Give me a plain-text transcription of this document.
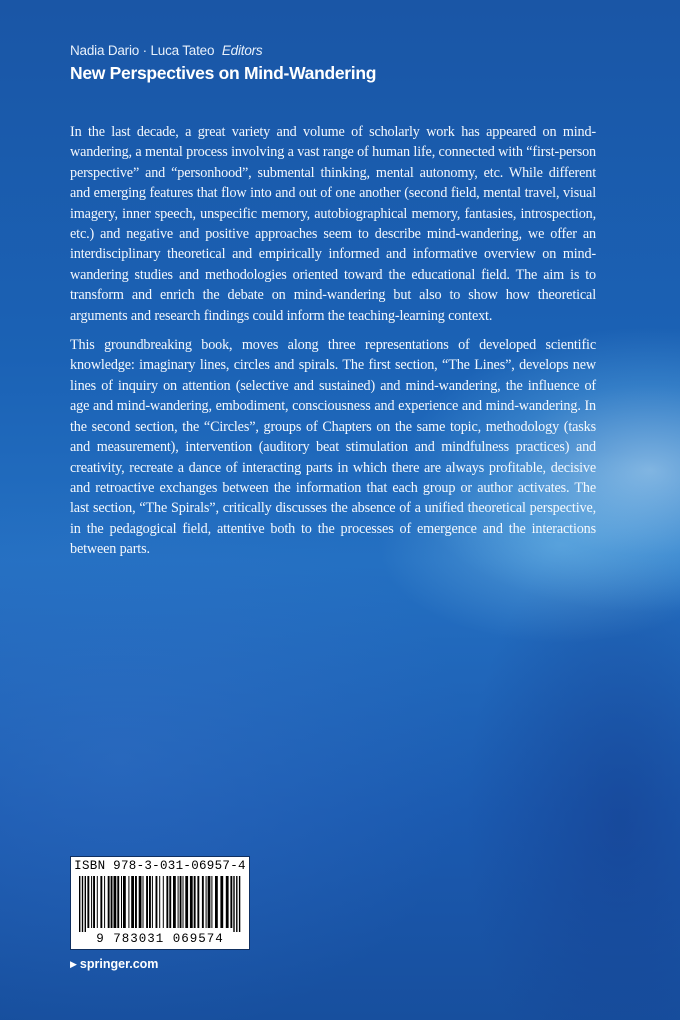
Nadia Dario · Luca Tateo Editors
New Perspectives on Mind-Wandering

In the last decade, a great variety and volume of scholarly work has appeared on mind-wandering, a mental process involving a vast range of human life, connected with “first-person perspective” and “personhood”, submental thinking, mental autonomy, etc. While different and emerging features that flow into and out of one another (second field, mental travel, visual imagery, inner speech, unspecific memory, autobiographical memory, fantasies, introspection, etc.) and negative and positive approaches seem to describe mind-wandering, we offer an interdisciplinary theoretical and empirically informed and informative overview on mind-wandering studies and methodologies oriented toward the educational field. The aim is to transform and enrich the debate on mind-wandering but also to show how theoretical arguments and research findings could inform the teaching-learning context.

This groundbreaking book, moves along three representations of developed scientific knowledge: imaginary lines, circles and spirals. The first section, “The Lines”, develops new lines of inquiry on attention (selective and sustained) and mind-wandering, the influence of age and mind-wandering, embodiment, consciousness and experience and mind-wandering. In the second section, the “Circles”, groups of Chapters on the same topic, methodology (tasks and measurement), intervention (auditory beat stimulation and mindfulness practices) and creativity, recreate a dance of interacting parts in which there are always profitable, decisive and retroactive exchanges between the information that each group or author activates. The last section, “The Spirals”, critically discusses the absence of a unified theoretical perspective, in the pedagogical field, attentive both to the processes of emergence and the interactions between parts.

ISBN 978-3-031-06957-4
9 783031 069574
▶ springer.com
